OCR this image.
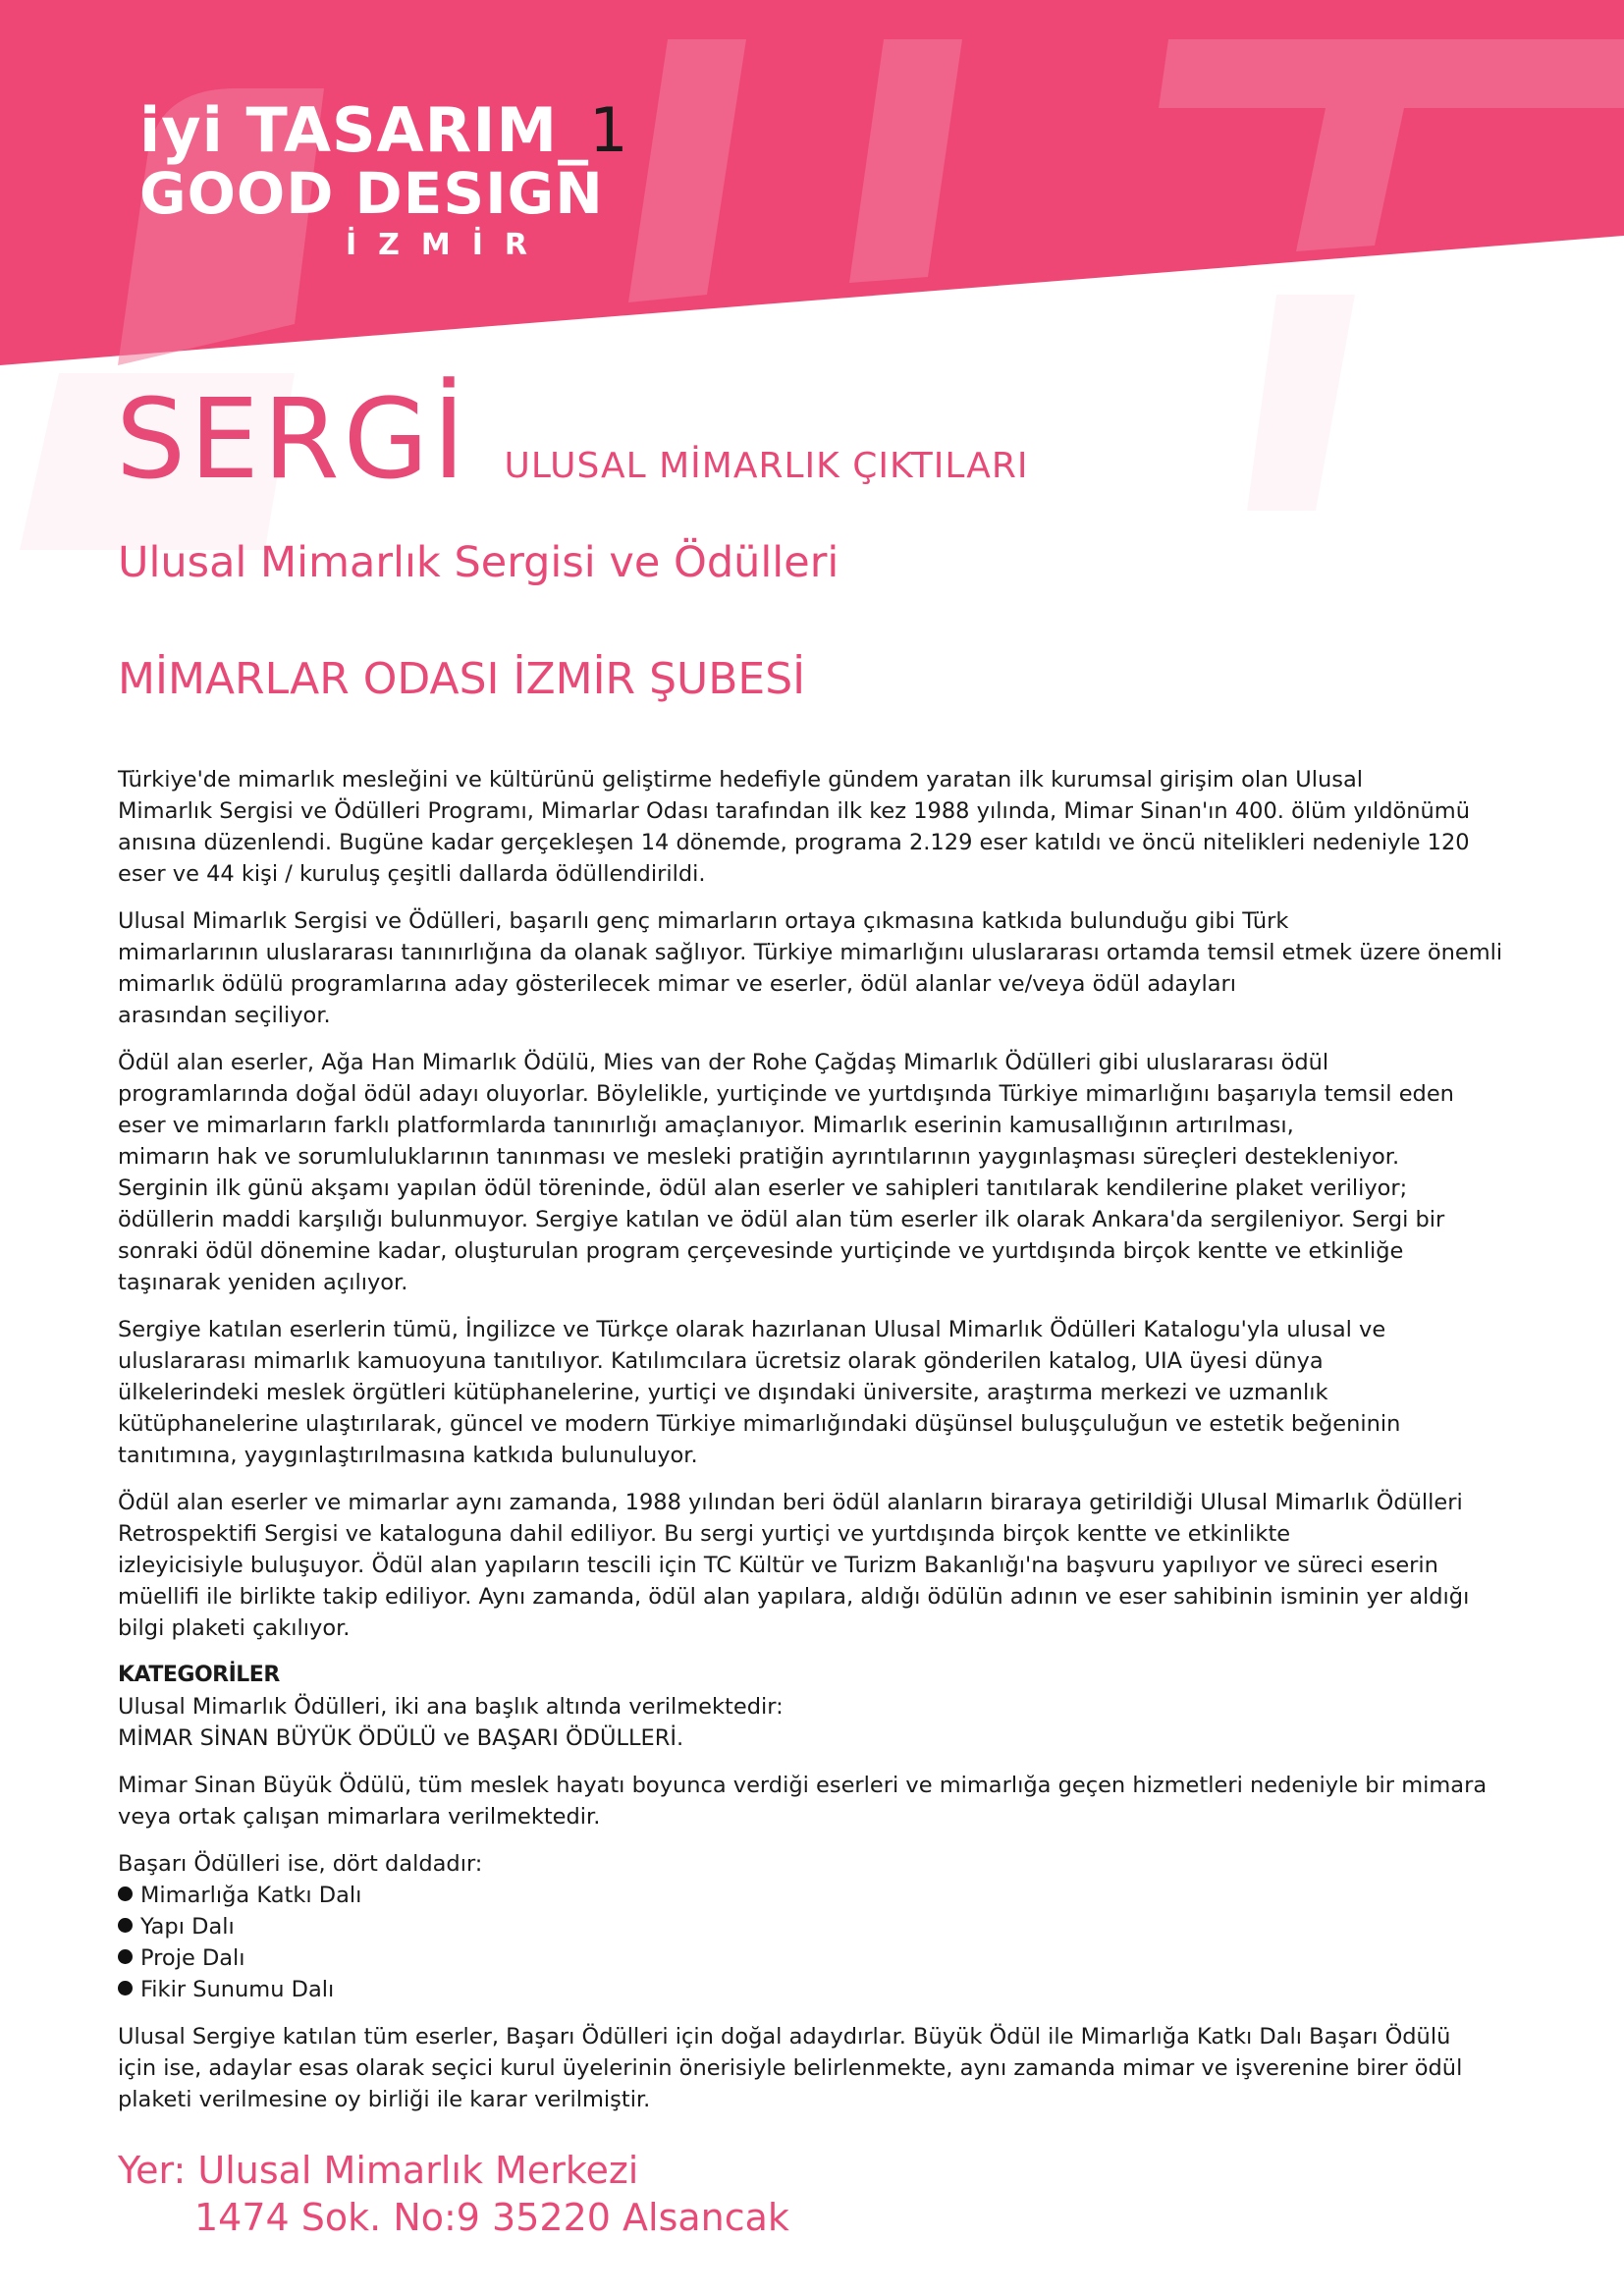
iyi TASARIM_1
GOOD DESIGN
İZMİR
SERGİ ULUSAL MİMARLIK ÇIKTILARI
Ulusal Mimarlık Sergisi ve Ödülleri
MİMARLAR ODASI İZMİR ŞUBESİ

Türkiye'de mimarlık mesleğini ve kültürünü geliştirme hedefiyle gündem yaratan ilk kurumsal girişim olan Ulusal
Mimarlık Sergisi ve Ödülleri Programı, Mimarlar Odası tarafından ilk kez 1988 yılında, Mimar Sinan'ın 400. ölüm yıldönümü
anısına düzenlendi. Bugüne kadar gerçekleşen 14 dönemde, programa 2.129 eser katıldı ve öncü nitelikleri nedeniyle 120
eser ve 44 kişi / kuruluş çeşitli dallarda ödüllendirildi.

Ulusal Mimarlık Sergisi ve Ödülleri, başarılı genç mimarların ortaya çıkmasına katkıda bulunduğu gibi Türk
mimarlarının uluslararası tanınırlığına da olanak sağlıyor. Türkiye mimarlığını uluslararası ortamda temsil etmek üzere önemli
mimarlık ödülü programlarına aday gösterilecek mimar ve eserler, ödül alanlar ve/veya ödül adayları
arasından seçiliyor.

Ödül alan eserler, Ağa Han Mimarlık Ödülü, Mies van der Rohe Çağdaş Mimarlık Ödülleri gibi uluslararası ödül
programlarında doğal ödül adayı oluyorlar. Böylelikle, yurtiçinde ve yurtdışında Türkiye mimarlığını başarıyla temsil eden
eser ve mimarların farklı platformlarda tanınırlığı amaçlanıyor. Mimarlık eserinin kamusallığının artırılması,
mimarın hak ve sorumluluklarının tanınması ve mesleki pratiğin ayrıntılarının yaygınlaşması süreçleri destekleniyor.
Serginin ilk günü akşamı yapılan ödül töreninde, ödül alan eserler ve sahipleri tanıtılarak kendilerine plaket veriliyor;
ödüllerin maddi karşılığı bulunmuyor. Sergiye katılan ve ödül alan tüm eserler ilk olarak Ankara'da sergileniyor. Sergi bir
sonraki ödül dönemine kadar, oluşturulan program çerçevesinde yurtiçinde ve yurtdışında birçok kentte ve etkinliğe
taşınarak yeniden açılıyor.

Sergiye katılan eserlerin tümü, İngilizce ve Türkçe olarak hazırlanan Ulusal Mimarlık Ödülleri Katalogu'yla ulusal ve
uluslararası mimarlık kamuoyuna tanıtılıyor. Katılımcılara ücretsiz olarak gönderilen katalog, UIA üyesi dünya
ülkelerindeki meslek örgütleri kütüphanelerine, yurtiçi ve dışındaki üniversite, araştırma merkezi ve uzmanlık
kütüphanelerine ulaştırılarak, güncel ve modern Türkiye mimarlığındaki düşünsel buluşçuluğun ve estetik beğeninin
tanıtımına, yaygınlaştırılmasına katkıda bulunuluyor.

Ödül alan eserler ve mimarlar aynı zamanda, 1988 yılından beri ödül alanların biraraya getirildiği Ulusal Mimarlık Ödülleri
Retrospektifi Sergisi ve kataloguna dahil ediliyor. Bu sergi yurtiçi ve yurtdışında birçok kentte ve etkinlikte
izleyicisiyle buluşuyor. Ödül alan yapıların tescili için TC Kültür ve Turizm Bakanlığı'na başvuru yapılıyor ve süreci eserin
müellifi ile birlikte takip ediliyor. Aynı zamanda, ödül alan yapılara, aldığı ödülün adının ve eser sahibinin isminin yer aldığı
bilgi plaketi çakılıyor.

KATEGORİLER
Ulusal Mimarlık Ödülleri, iki ana başlık altında verilmektedir:
MİMAR SİNAN BÜYÜK ÖDÜLÜ ve BAŞARI ÖDÜLLERİ.

Mimar Sinan Büyük Ödülü, tüm meslek hayatı boyunca verdiği eserleri ve mimarlığa geçen hizmetleri nedeniyle bir mimara
veya ortak çalışan mimarlara verilmektedir.

Başarı Ödülleri ise, dört daldadır:
Mimarlığa Katkı Dalı
Yapı Dalı
Proje Dalı
Fikir Sunumu Dalı

Ulusal Sergiye katılan tüm eserler, Başarı Ödülleri için doğal adaydırlar. Büyük Ödül ile Mimarlığa Katkı Dalı Başarı Ödülü
için ise, adaylar esas olarak seçici kurul üyelerinin önerisiyle belirlenmekte, aynı zamanda mimar ve işverenine birer ödül
plaketi verilmesine oy birliği ile karar verilmiştir.

Yer: Ulusal Mimarlık Merkezi
1474 Sok. No:9 35220 Alsancak
